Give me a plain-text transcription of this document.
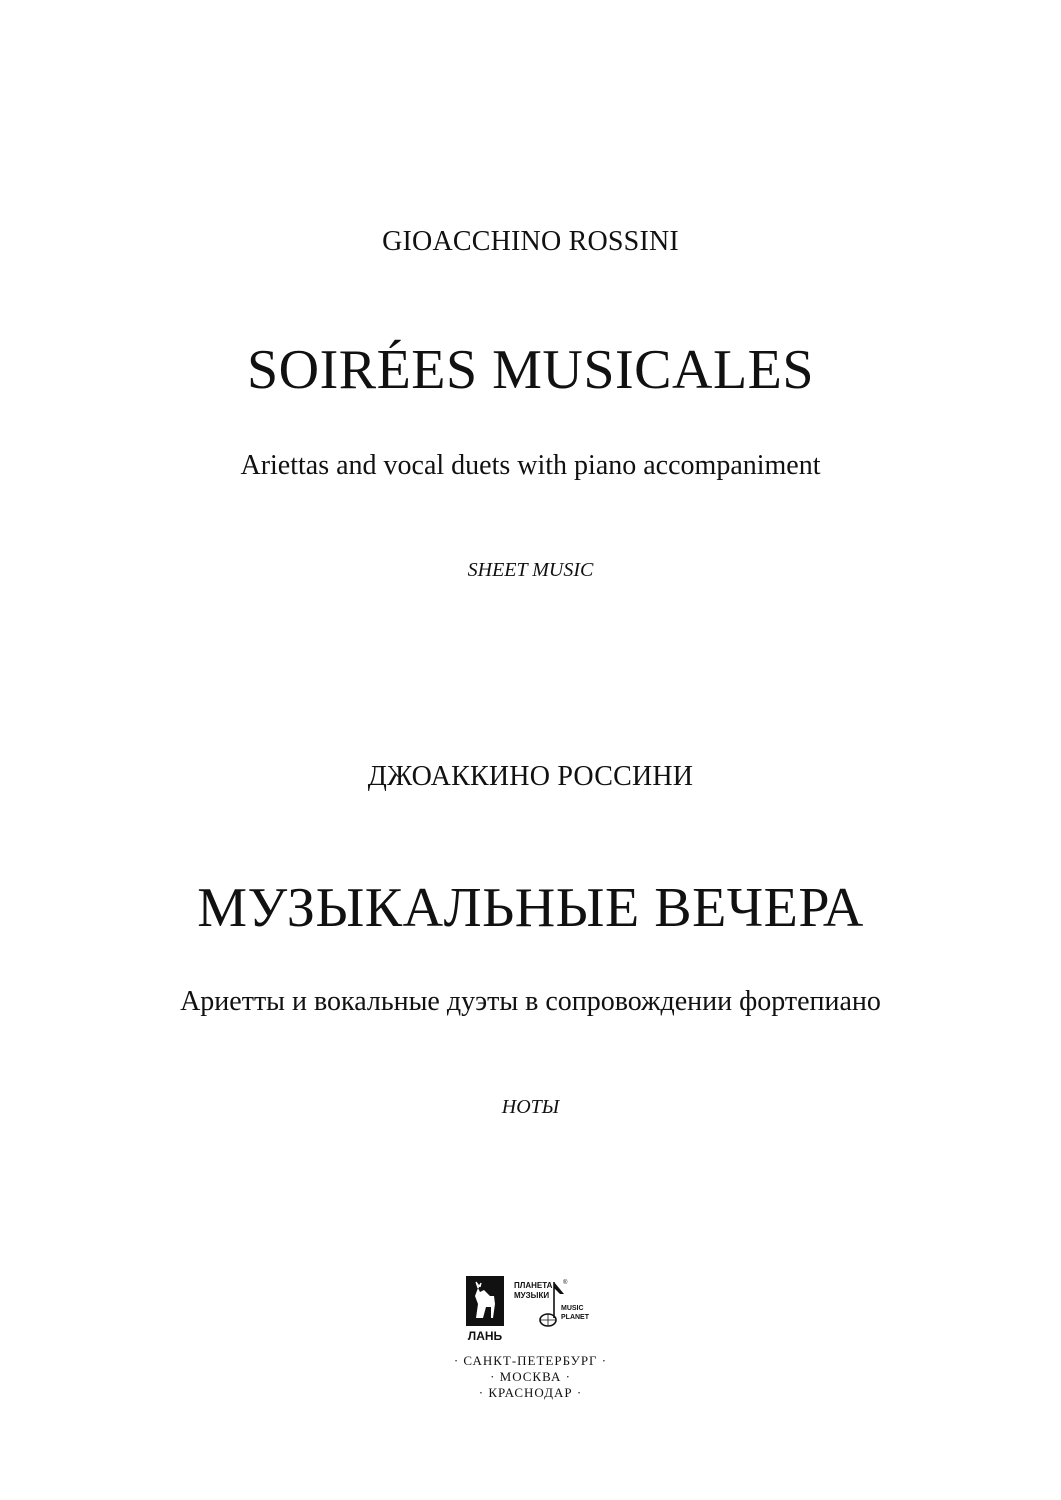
GIOACCHINO ROSSINI
SOIRÉES MUSICALES
Ariettas and vocal duets with piano accompaniment
SHEET MUSIC
ДЖОАККИНО РОССИНИ
МУЗЫКАЛЬНЫЕ ВЕЧЕРА
Ариетты и вокальные дуэты в сопровождении фортепиано
НОТЫ
ЛАНЬ
ПЛАНЕТА
МУЗЫКИ
®
MUSIC
PLANET
· САНКТ-ПЕТЕРБУРГ ·
· МОСКВА ·
· КРАСНОДАР ·
